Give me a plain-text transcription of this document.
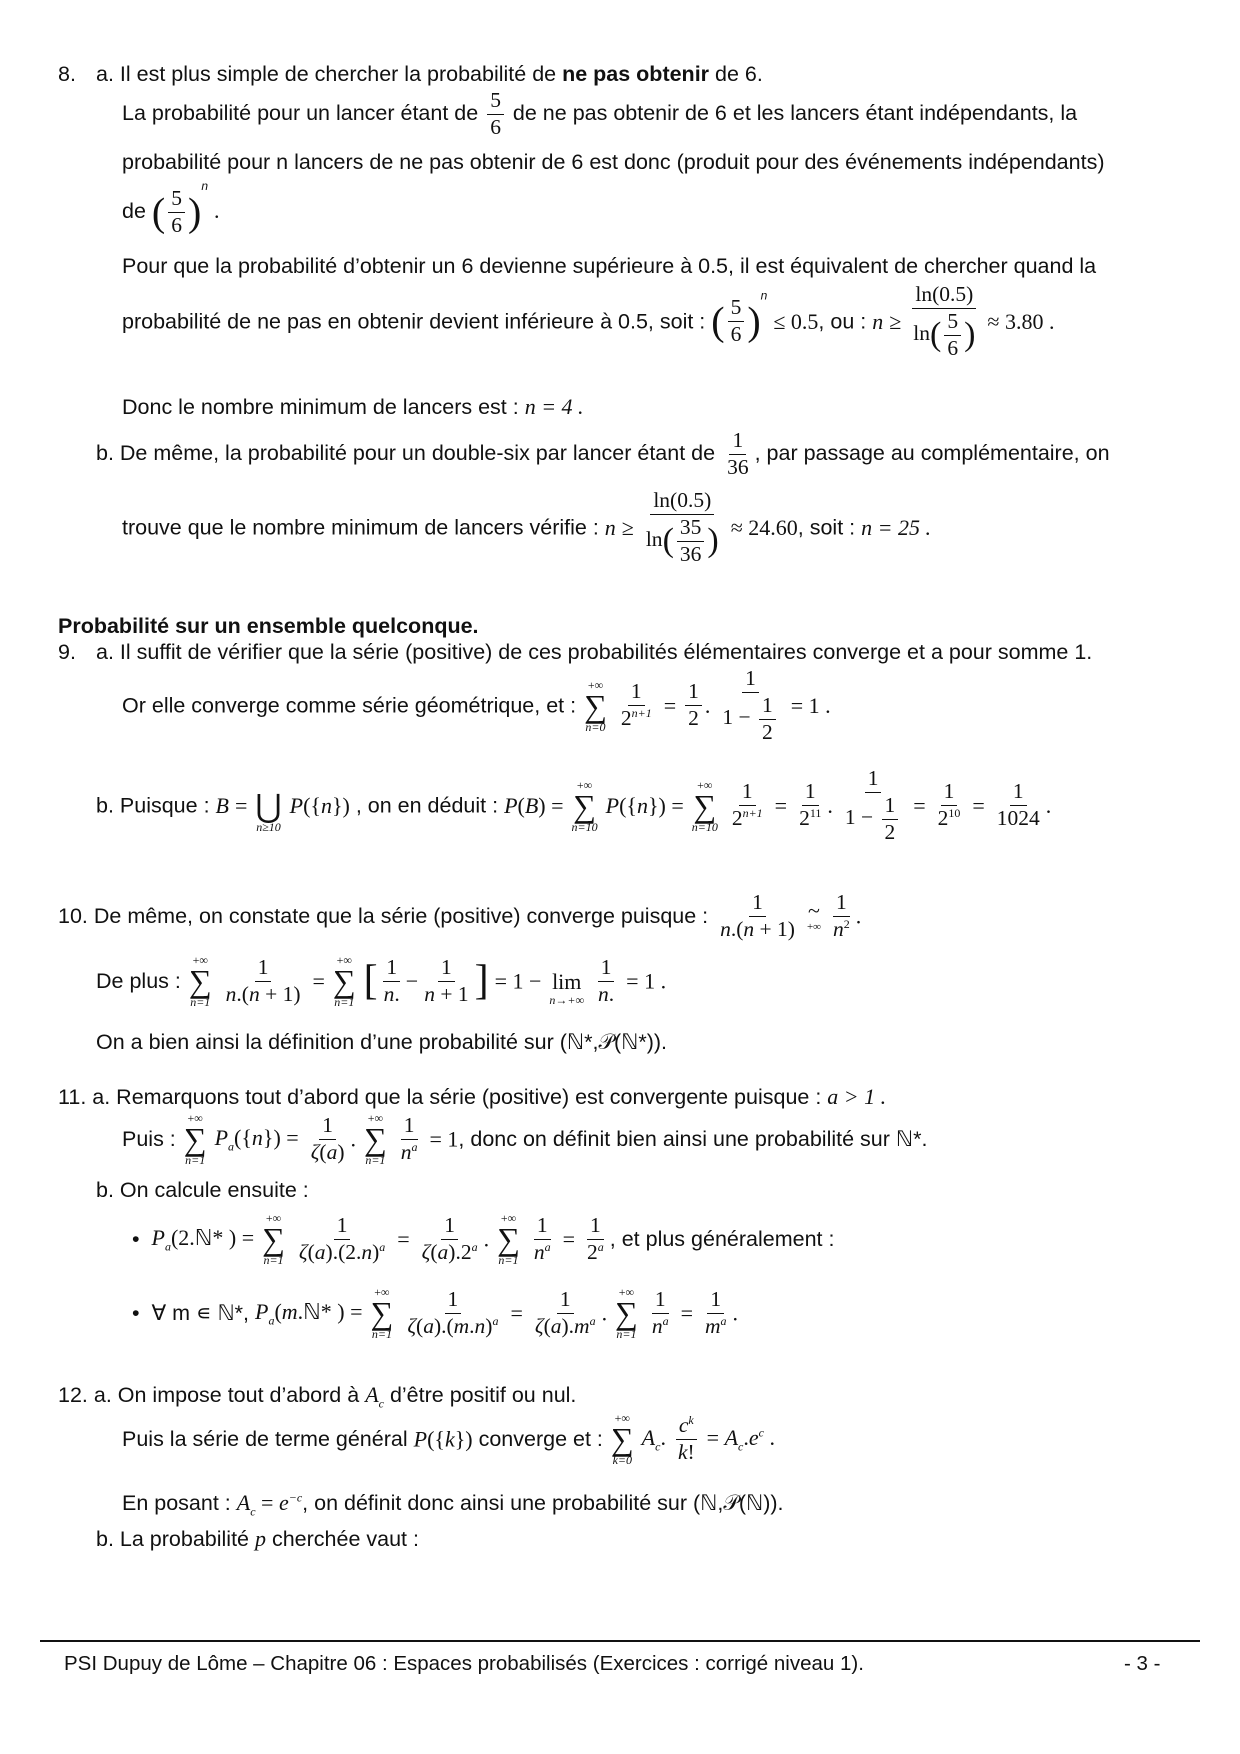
8. a. Il est plus simple de chercher la probabilité de ne pas obtenir de 6.
La probabilité pour un lancer étant de $\frac{5}{6}$ de ne pas obtenir de 6 et les lancers étant indépendants, la
probabilité pour n lancers de ne pas obtenir de 6 est donc (produit pour des événements indépendants)
de ( $\frac{5}{6} )^n$ .
Pour que la probabilité d’obtenir un 6 devienne supérieure à 0.5, il est équivalent de chercher quand la
probabilité de ne pas en obtenir devient inférieure à 0.5, soit : ( $\frac{5}{6} )^n \le 0.5$, ou : $n \ge \frac{\ln(0.5)}{\ln( \frac{5}{6} )} \approx 3.80$ .
Donc le nombre minimum de lancers est : n = 4 .
b. De même, la probabilité pour un double-six par lancer étant de $\frac{1}{36}$ , par passage au complémentaire, on
trouve que le nombre minimum de lancers vérifie : $n \ge \frac{\ln(0.5)}{\ln( \frac{35}{36} )} \approx 24.60$, soit : n = 25 .
Probabilité sur un ensemble quelconque.
9. a. Il suffit de vérifier que la série (positive) de ces probabilités élémentaires converge et a pour somme 1.
Or elle converge comme série géométrique, et :
+∞
∑
n=0
$\frac{1}{2^{n+1}} = \frac{1}{2}$ . $\frac{1}{1 - \frac{1}{2}} = 1$ .
b. Puisque : B =
⋃
n≥10
P({n}) , on en déduit : P(B) =
+∞
∑
n=10
P({n}) =
+∞
∑
n=10
$\frac{1}{2^{n+1}} = \frac{1}{2^{11}}$ . $\frac{1}{1 - \frac{1}{2}} = \frac{1}{2^{10}} = \frac{1}{1024}$ .
10. De même, on constate que la série (positive) converge puisque : $\frac{1}{n.(n + 1)}$
~
+∞
$\frac{1}{n^2}$ .
De plus :
+∞
∑
n=1
$\frac{1}{n.(n + 1)}$ =
+∞
∑
n=1 [ $\frac{1}{n.} - \frac{1}{n + 1}$ ] = 1 −
lim
n→+∞
$\frac{1}{n.} = 1$ .
On a bien ainsi la définition d’une probabilité sur (ℕ*,𝒫(ℕ*)).
11. a. Remarquons tout d’abord que la série (positive) est convergente puisque : a > 1 .
Puis :
+∞
∑
n=1
$P_a(\{n\}) = \frac{1}{\zeta(a)}$ .
+∞
∑
n=1
$\frac{1}{n^a} = 1$, donc on définit bien ainsi une probabilité sur ℕ*.
b. On calcule ensuite :
• $P_a(2.ℕ*$ ) =
+∞
∑
n=1
$\frac{1}{\zeta(a).(2.n)^a} = \frac{1}{\zeta(a).2^a}$ .
+∞
∑
n=1
$\frac{1}{n^a} = \frac{1}{2^a}$ , et plus généralement :
• ∀ m ∊ ℕ*, $P_a(m.ℕ*$ ) =
+∞
∑
n=1
$\frac{1}{\zeta(a).(m.n)^a} = \frac{1}{\zeta(a).m^a}$ .
+∞
∑
n=1
$\frac{1}{n^a} = \frac{1}{m^a}$ .
12. a. On impose tout d’abord à $A_c$ d’être positif ou nul.
Puis la série de terme général P({k}) converge et :
+∞
∑
k=0
$A_c$. $\frac{c^k}{k!} = A_c.e^c$ .
En posant : $A_c = e^{-c}$, on définit donc ainsi une probabilité sur (ℕ,𝒫(ℕ)).
b. La probabilité p cherchée vaut :
PSI Dupuy de Lôme – Chapitre 06 : Espaces probabilisés (Exercices : corrigé niveau 1).	- 3 -
